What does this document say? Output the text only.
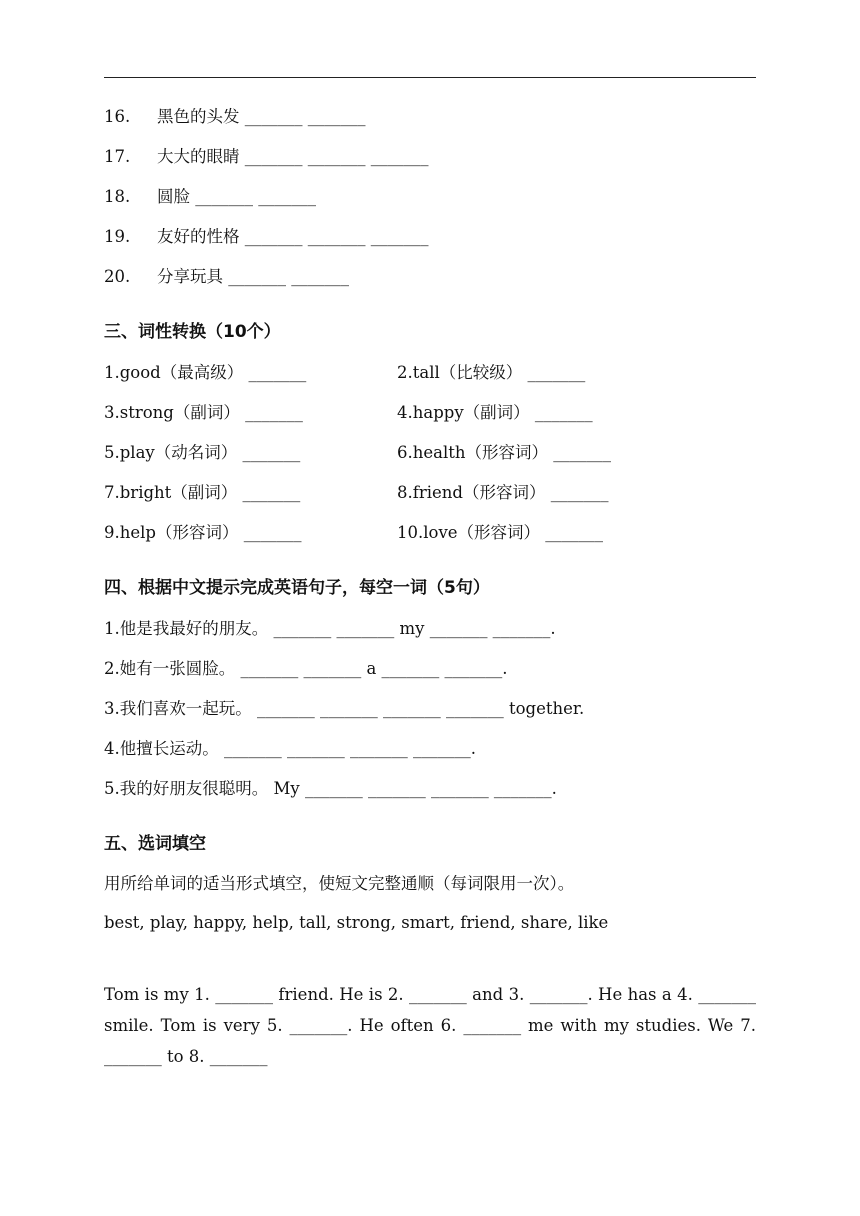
16. 黑色的头发 _______ _______
17. 大大的眼睛 _______ _______ _______
18. 圆脸 _______ _______
19. 友好的性格 _______ _______ _______
20. 分享玩具 _______ _______
三、词性转换（10个）
1.good（最高级） _______	2.tall（比较级） _______
3.strong（副词） _______	4.happy（副词） _______
5.play（动名词） _______	6.health（形容词） _______
7.bright（副词） _______	8.friend（形容词） _______
9.help（形容词） _______	10.love（形容词） _______
四、根据中文提示完成英语句子，每空一词（5句）
1.他是我最好的朋友。 _______ _______ my _______ _______.
2.她有一张圆脸。 _______ _______ a _______ _______.
3.我们喜欢一起玩。 _______ _______ _______ _______ together.
4.他擅长运动。 _______ _______ _______ _______.
5.我的好朋友很聪明。 My _______ _______ _______ _______.
五、选词填空
用所给单词的适当形式填空，使短文完整通顺（每词限用一次）。
best, play, happy, help, tall, strong, smart, friend, share, like
Tom is my 1. _______ friend. He is 2. _______ and 3. _______. He has a 4. _______ smile. Tom is very 5. _______. He often 6. _______ me with my studies. We 7. _______ to 8. _______
